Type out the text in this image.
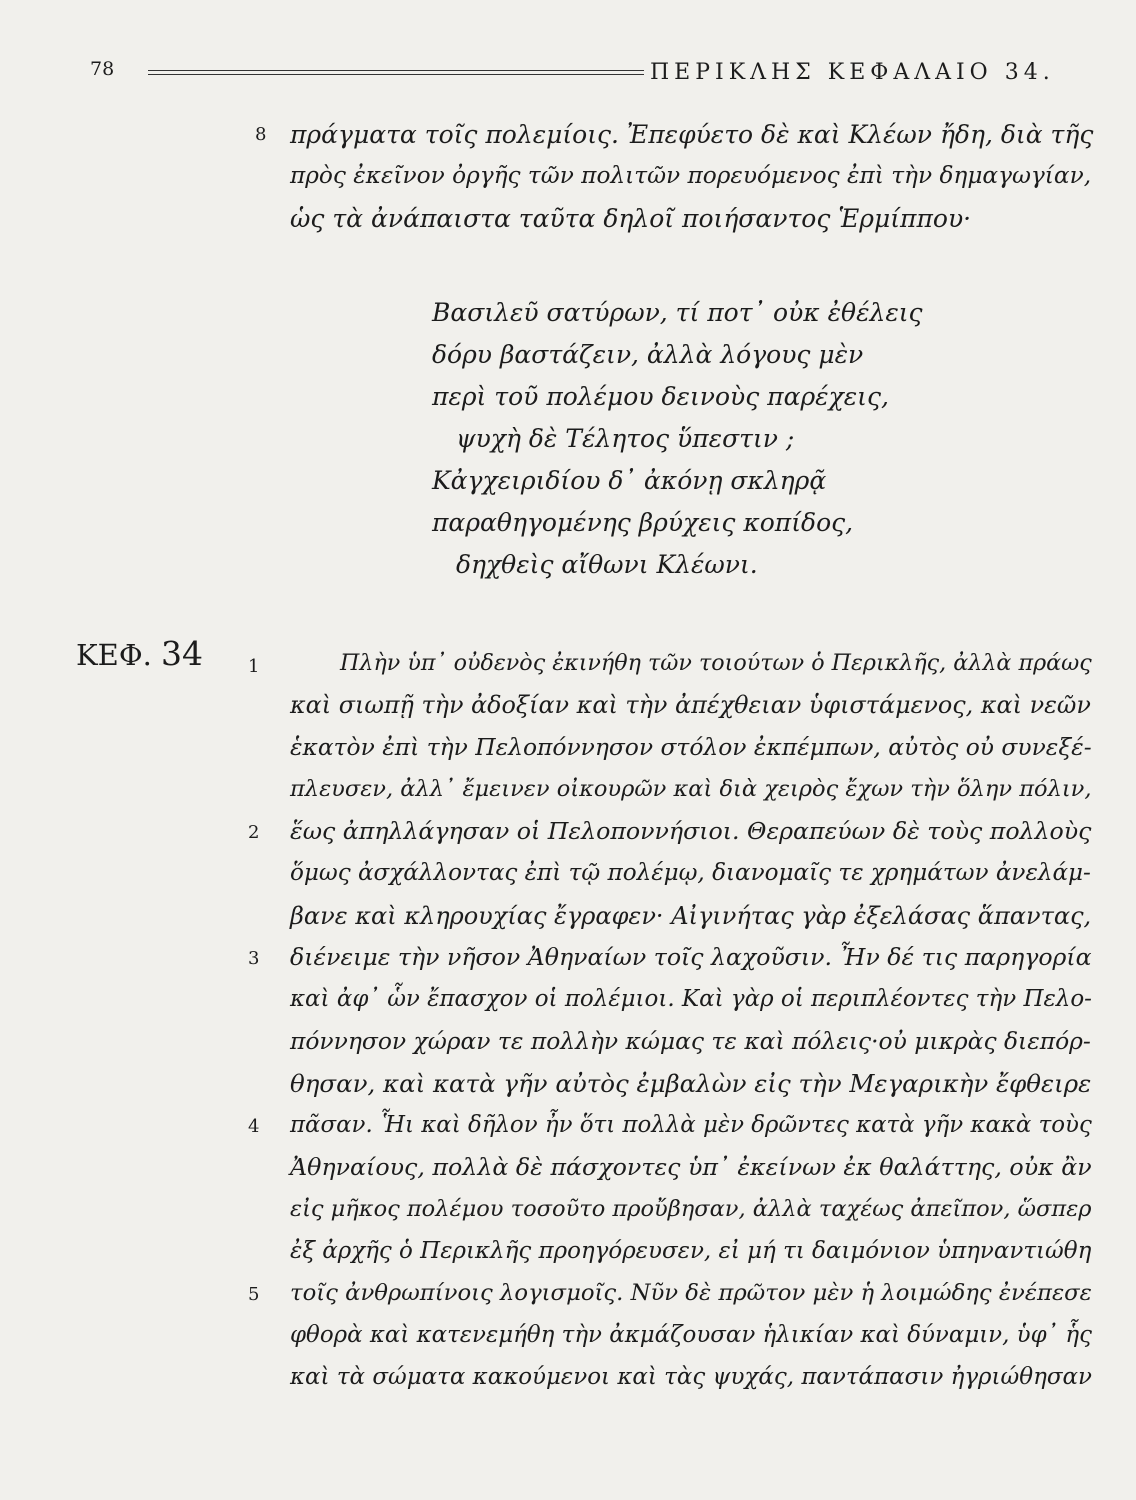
78	ΠΕΡΙΚΛΗΣ ΚΕΦΑΛΑΙΟ 34.
8 πράγματα τοῖς πολεμίοις. Ἐπεφύετο δὲ καὶ Κλέων ἤδη, διὰ τῆς
πρὸς ἐκεῖνον ὀργῆς τῶν πολιτῶν πορευόμενος ἐπὶ τὴν δημαγωγίαν,
ὡς τὰ ἀνάπαιστα ταῦτα δηλοῖ ποιήσαντος Ἑρμίππου·
Βασιλεῦ σατύρων, τί ποτ᾽ οὐκ ἐθέλεις
δόρυ βαστάζειν, ἀλλὰ λόγους μὲν
περὶ τοῦ πολέμου δεινοὺς παρέχεις,
ψυχὴ δὲ Τέλητος ὕπεστιν ;
Κἀγχειριδίου δ᾽ ἀκόνῃ σκληρᾷ
παραθηγομένης βρύχεις κοπίδος,
δηχθεὶς αἴθωνι Κλέωνι.
ΚΕΦ. 34 1	Πλὴν ὑπ᾽ οὐδενὸς ἐκινήθη τῶν τοιούτων ὁ Περικλῆς, ἀλλὰ πράως
καὶ σιωπῇ τὴν ἀδοξίαν καὶ τὴν ἀπέχθειαν ὑφιστάμενος, καὶ νεῶν
ἑκατὸν ἐπὶ τὴν Πελοπόννησον στόλον ἐκπέμπων, αὐτὸς οὐ συνεξέ-
πλευσεν, ἀλλ᾽ ἔμεινεν οἰκουρῶν καὶ διὰ χειρὸς ἔχων τὴν ὅλην πόλιν,
2 ἕως ἀπηλλάγησαν οἱ Πελοποννήσιοι. Θεραπεύων δὲ τοὺς πολλοὺς
ὅμως ἀσχάλλοντας ἐπὶ τῷ πολέμῳ, διανομαῖς τε χρημάτων ἀνελάμ-
βανε καὶ κληρουχίας ἔγραφεν· Αἰγινήτας γὰρ ἐξελάσας ἅπαντας,
3 διένειμε τὴν νῆσον Ἀθηναίων τοῖς λαχοῦσιν. Ἦν δέ τις παρηγορία
καὶ ἀφ᾽ ὧν ἔπασχον οἱ πολέμιοι. Καὶ γὰρ οἱ περιπλέοντες τὴν Πελο-
πόννησον χώραν τε πολλὴν κώμας τε καὶ πόλεις·οὐ μικρὰς διεπόρ-
θησαν, καὶ κατὰ γῆν αὐτὸς ἐμβαλὼν εἰς τὴν Μεγαρικὴν ἔφθειρε
4 πᾶσαν. Ἧι καὶ δῆλον ἦν ὅτι πολλὰ μὲν δρῶντες κατὰ γῆν κακὰ τοὺς
Ἀθηναίους, πολλὰ δὲ πάσχοντες ὑπ᾽ ἐκείνων ἐκ θαλάττης, οὐκ ἂν
εἰς μῆκος πολέμου τοσοῦτο προὔβησαν, ἀλλὰ ταχέως ἀπεῖπον, ὥσπερ
ἐξ ἀρχῆς ὁ Περικλῆς προηγόρευσεν, εἰ μή τι δαιμόνιον ὑπηναντιώθη
5 τοῖς ἀνθρωπίνοις λογισμοῖς. Νῦν δὲ πρῶτον μὲν ἡ λοιμώδης ἐνέπεσε
φθορὰ καὶ κατενεμήθη τὴν ἀκμάζουσαν ἡλικίαν καὶ δύναμιν, ὑφ᾽ ἧς
καὶ τὰ σώματα κακούμενοι καὶ τὰς ψυχάς, παντάπασιν ἠγριώθησαν
